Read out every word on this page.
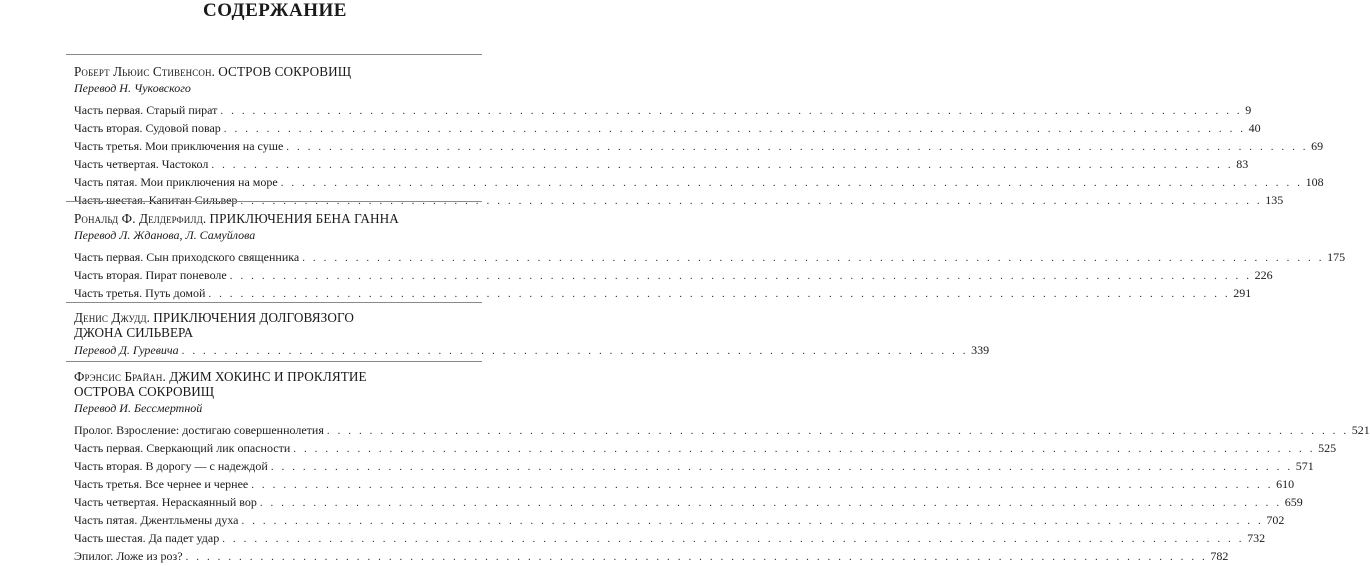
СОДЕРЖАНИЕ
Роберт Льюис Стивенсон. ОСТРОВ СОКРОВИЩ
Перевод Н. Чуковского
Часть первая. Старый пират . . .	9
Часть вторая. Судовой повар . . .	40
Часть третья. Мои приключения на суше . . .	69
Часть четвертая. Частокол . . .	83
Часть пятая. Мои приключения на море . . .	108
Часть шестая. Капитан Сильвер . . .	135
Рональд Ф. Делдерфилд. ПРИКЛЮЧЕНИЯ БЕНА ГАННА
Перевод Л. Жданова, Л. Самуйлова
Часть первая. Сын приходского священника . . .	175
Часть вторая. Пират поневоле . . .	226
Часть третья. Путь домой . . .	291
Денис Джудд. ПРИКЛЮЧЕНИЯ ДОЛГОВЯЗОГО
ДЖОНА СИЛЬВЕРА
Перевод Д. Гуревича . . . . . . . . . . . . . . . . . . . . . . . . . . . . . . . . . . . . . . . . . . . . . . . . . . . . . . . . . . . . . . . . . . . . . . . . . . 339
Фрэнсис Брайан. ДЖИМ ХОКИНС И ПРОКЛЯТИЕ
ОСТРОВА СОКРОВИЩ
Перевод И. Бессмертной
Пролог. Взросление: достигаю совершеннолетия . . .	521
Часть первая. Сверкающий лик опасности . . .	525
Часть вторая. В дорогу — с надеждой . . .	571
Часть третья. Все чернее и чернее . . .	610
Часть четвертая. Нераскаянный вор . . .	659
Часть пятая. Джентльмены духа . . .	702
Часть шестая. Да падет удар . . .	732
Эпилог. Ложе из роз? . . .	782
